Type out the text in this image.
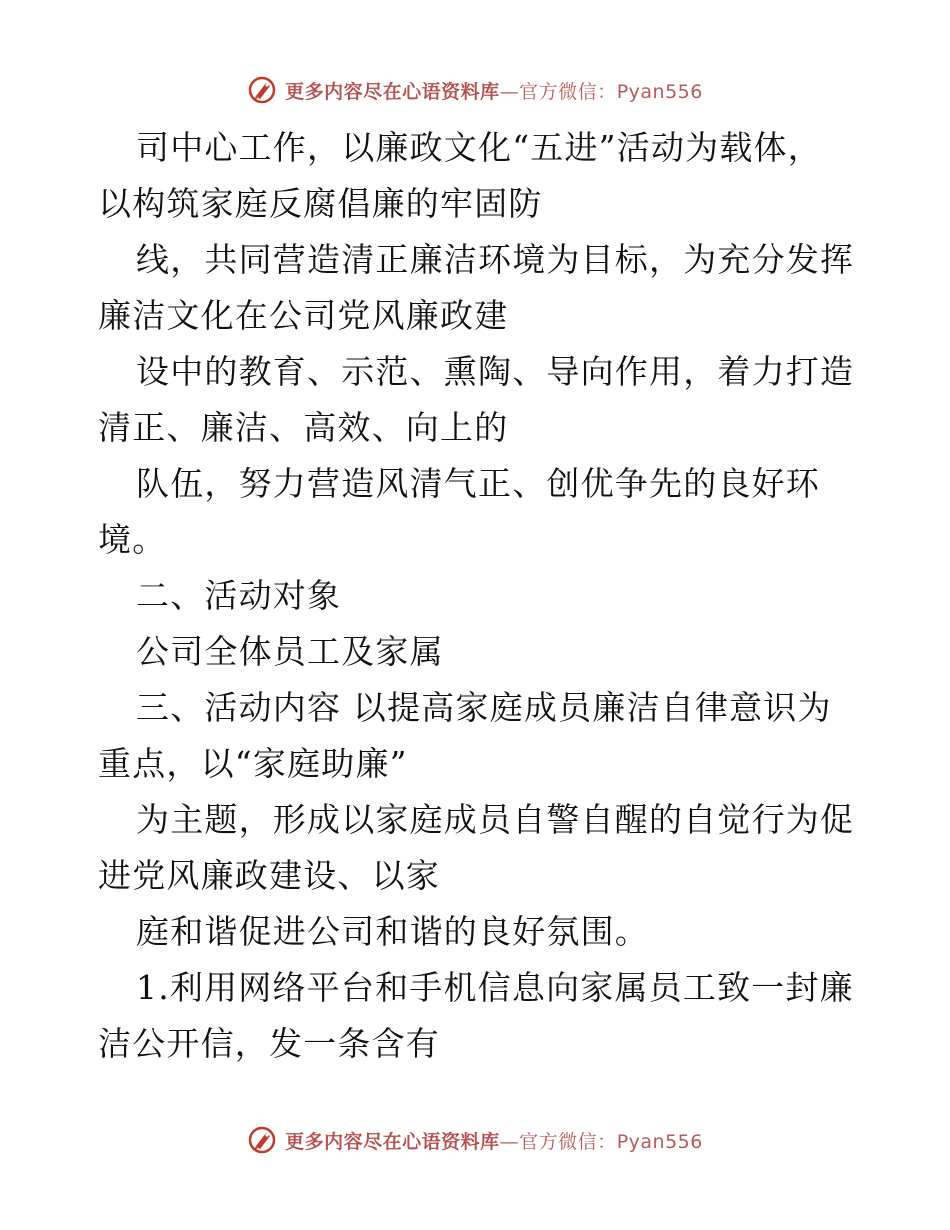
更多内容尽在心语资料库—官方微信：Pyan556
司中心工作，以廉政文化“五进”活动为载体，
以构筑家庭反腐倡廉的牢固防
线，共同营造清正廉洁环境为目标，为充分发挥
廉洁文化在公司党风廉政建
设中的教育、示范、熏陶、导向作用，着力打造
清正、廉洁、高效、向上的
队伍，努力营造风清气正、创优争先的良好环
境。
二、活动对象
公司全体员工及家属
三、活动内容 以提高家庭成员廉洁自律意识为
重点，以“家庭助廉”
为主题，形成以家庭成员自警自醒的自觉行为促
进党风廉政建设、以家
庭和谐促进公司和谐的良好氛围。
1.利用网络平台和手机信息向家属员工致一封廉
洁公开信，发一条含有
更多内容尽在心语资料库—官方微信：Pyan556
